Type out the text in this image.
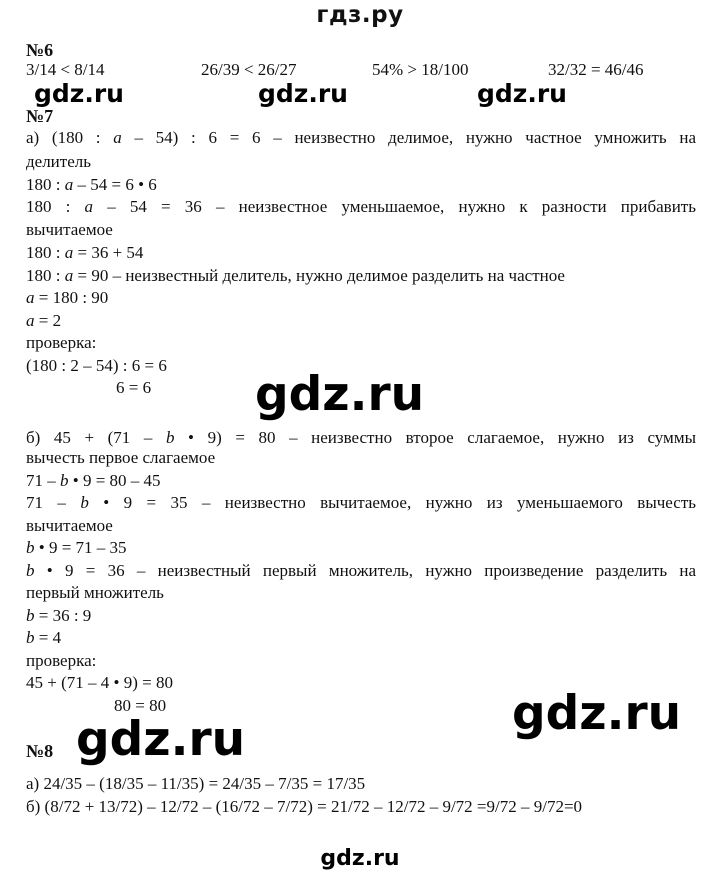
гдз.ру
№6
3/14 < 8/14	26/39 < 26/27	54% > 18/100	32/32 = 46/46
gdz.ru	gdz.ru	gdz.ru
№7
а) (180 : a – 54) : 6 = 6 – неизвестно делимое, нужно частное умножить на
делитель
180 : a – 54 = 6 • 6
180 : a – 54 = 36 – неизвестное уменьшаемое, нужно к разности прибавить
вычитаемое
180 : a = 36 + 54
180 : a = 90 – неизвестный делитель, нужно делимое разделить на частное
a = 180 : 90
a = 2
проверка:
(180 : 2 – 54) : 6 = 6
6 = 6 gdz.ru
б) 45 + (71 – b • 9) = 80 – неизвестно второе слагаемое, нужно из суммы
вычесть первое слагаемое
71 – b • 9 = 80 – 45
71 – b • 9 = 35 – неизвестно вычитаемое, нужно из уменьшаемого вычесть
вычитаемое
b • 9 = 71 – 35
b • 9 = 36 – неизвестный первый множитель, нужно произведение разделить на
первый множитель
b = 36 : 9
b = 4
проверка:
45 + (71 – 4 • 9) = 80
80 = 80	gdz.ru
gdz.ru
№8
а) 24/35 – (18/35 – 11/35) = 24/35 – 7/35 = 17/35
б) (8/72 + 13/72) – 12/72 – (16/72 – 7/72) = 21/72 – 12/72 – 9/72 =9/72 – 9/72=0
gdz.ru
